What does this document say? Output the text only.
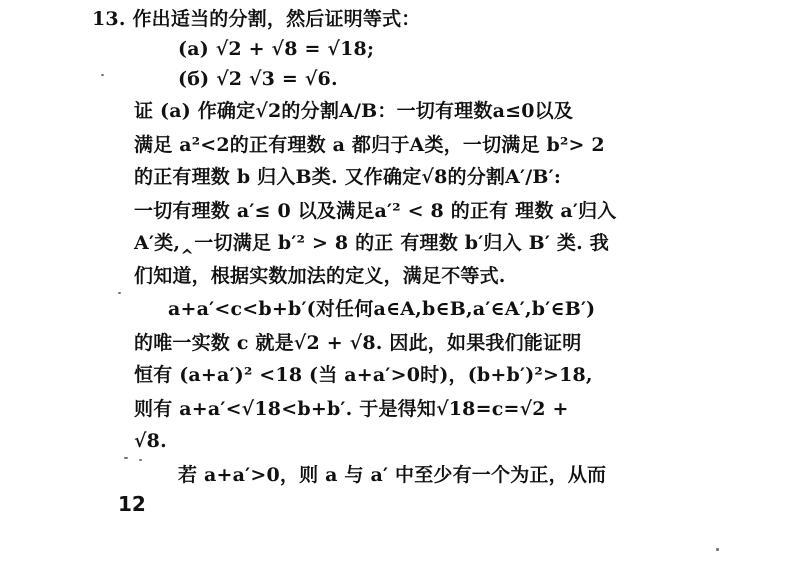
13. 作出适当的分割，然后证明等式：
(a) √2 + √8 = √18;
(б) √2 √3 = √6.
证 (a) 作确定√2的分割A/B：一切有理数a≤0以及
满足 a²<2的正有理数 a 都归于A类，一切满足 b²> 2
的正有理数 b 归入B类. 又作确定√8的分割A′/B′:
一切有理数 a′≤ 0 以及满足a′² < 8 的正有 理数 a′归入
A′类,‸一切满足 b′² > 8 的正 有理数 b′归入 B′ 类. 我
们知道，根据实数加法的定义，满足不等式.
a+a′<c<b+b′(对任何a∈A,b∈B,a′∈A′,b′∈B′)
的唯一实数 c 就是√2 + √8. 因此，如果我们能证明
恒有 (a+a′)² <18 (当 a+a′>0时)，(b+b′)²>18,
则有 a+a′<√18<b+b′. 于是得知√18=c=√2 +
√8.
若 a+a′>0，则 a 与 a′ 中至少有一个为正，从而
12
